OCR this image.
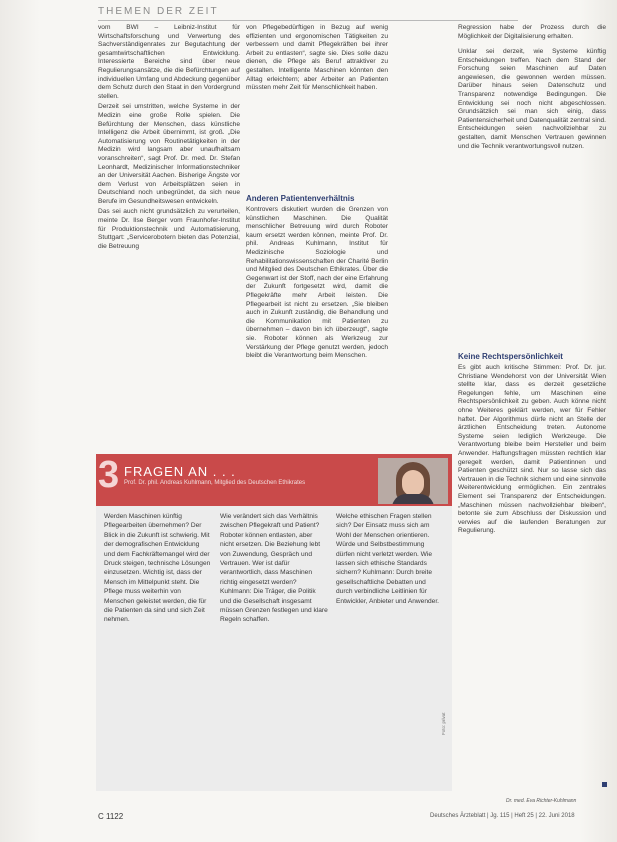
THEMEN DER ZEIT

vom BWI – Leibniz-Institut für Wirtschaftsforschung und Verwertung des Sachverständigenrates zur Begutachtung der gesamtwirtschaftlichen Entwicklung. Interessierte Bereiche sind über neue Regulierungsansätze, die die Befürchtungen auf individuellen Umfang und Abdeckung gegenüber dem Schutz durch den Staat in den Vordergrund stellen.

Derzeit sei umstritten, welche Systeme in der Medizin eine große Rolle spielen. Die Befürchtung der Menschen, dass künstliche Intelligenz die Arbeit übernimmt, ist groß. „Die Automatisierung von Routinetätigkeiten in der Medizin wird langsam aber unaufhaltsam voranschreiten“, sagt Prof. Dr. med. Dr. Stefan Leonhardt, Medizinischer Informationstechniker an der Universität Aachen. Bisherige Ängste vor dem Verlust von Arbeitsplätzen seien in Deutschland noch unbegründet, da sich neue Berufe im Gesundheitswesen entwickeln.

Das sei auch nicht grundsätzlich zu verurteilen, meinte Dr. Ilse Berger vom Fraunhofer-Institut für Produktionstechnik und Automatisierung, Stuttgart: „Servicerobotern bieten das Potenzial, die Betreuung

von Pflegebedürftigen in Bezug auf wenig effizienten und ergonomischen Tätigkeiten zu verbessern und damit Pflegekräften bei ihrer Arbeit zu entlasten“, sagte sie. Dies solle dazu dienen, die Pflege als Beruf attraktiver zu gestalten. Intelligente Maschinen könnten den Alltag erleichtern; aber Arbeiter an Patienten müssten mehr Zeit für Menschlichkeit haben.
Anderen Patientenverhältnis
Kontrovers diskutiert wurden die Grenzen von künstlichen Maschinen. Die Qualität menschlicher Betreuung wird durch Roboter kaum ersetzt werden können, meinte Prof. Dr. phil. Andreas Kuhlmann, Institut für Medizinische Soziologie und Rehabilitationswissenschaften der Charité Berlin und Mitglied des Deutschen Ethikrates. Über die Gegenwart ist der Stoff, nach der eine Erfahrung der Zukunft fortgesetzt wird, damit die Pflegekräfte mehr Arbeit leisten. Die Pflegearbeit ist nicht zu ersetzen. „Sie bleiben auch in Zukunft zuständig, die Behandlung und die Kommunikation mit Patienten zu übernehmen – davon bin ich überzeugt“, sagte sie. Roboter können als Werkzeug zur Verstärkung der Pflege genutzt werden, jedoch bleibt die Verantwortung beim Menschen.
Regression habe der Prozess durch die Möglichkeit der Digitalisierung erhalten.
Unklar sei derzeit, wie Systeme künftig Entscheidungen treffen. Nach dem Stand der Forschung seien Maschinen auf Daten angewiesen, die gewonnen werden müssen. Darüber hinaus seien Datenschutz und Transparenz notwendige Bedingungen. Die Entwicklung sei noch nicht abgeschlossen. Grundsätzlich sei man sich einig, dass Patientensicherheit und Datenqualität zentral sind. Entscheidungen seien nachvollziehbar zu gestalten, damit Menschen Vertrauen gewinnen und die Technik verantwortungsvoll nutzen.
Keine Rechtspersönlichkeit
Es gibt auch kritische Stimmen: Prof. Dr. jur. Christiane Wendehorst von der Universität Wien stellte klar, dass es derzeit gesetzliche Regelungen fehle, um Maschinen eine Rechtspersönlichkeit zu geben. Auch könne nicht ohne Weiteres geklärt werden, wer für Fehler haftet. Der Algorithmus dürfe nicht an Stelle der ärztlichen Entscheidung treten. Autonome Systeme seien lediglich Werkzeuge. Die Verantwortung bleibe beim Hersteller und beim Anwender. Haftungsfragen müssten rechtlich klar geregelt werden, damit Patientinnen und Patienten geschützt sind. Nur so lasse sich das Vertrauen in die Technik sichern und eine sinnvolle Weiterentwicklung ermöglichen. Ein zentrales Element sei Transparenz der Entscheidungen. „Maschinen müssen nachvollziehbar bleiben“, betonte sie zum Abschluss der Diskussion und verwies auf die laufenden Beratungen zur Regulierung.
Dr. med. Eva Richter-Kuhlmann
3 FRAGEN AN . . .
Prof. Dr. phil. Andreas Kuhlmann, Mitglied des Deutschen Ethikrates
Werden Maschinen künftig Pflegearbeiten übernehmen? Der Blick in die Zukunft ist schwierig. Mit der demografischen Entwicklung und dem Fachkräftemangel wird der Druck steigen, technische Lösungen einzusetzen. Wichtig ist, dass der Mensch im Mittelpunkt steht. Die Pflege muss weiterhin von Menschen geleistet werden, die für die Patienten da sind und sich Zeit nehmen.
Wie verändert sich das Verhältnis zwischen Pflegekraft und Patient? Roboter können entlasten, aber nicht ersetzen. Die Beziehung lebt von Zuwendung, Gespräch und Vertrauen. Wer ist dafür verantwortlich, dass Maschinen richtig eingesetzt werden? Kuhlmann: Die Träger, die Politik und die Gesellschaft insgesamt müssen Grenzen festlegen und klare Regeln schaffen.
Welche ethischen Fragen stellen sich? Der Einsatz muss sich am Wohl der Menschen orientieren. Würde und Selbstbestimmung dürfen nicht verletzt werden. Wie lassen sich ethische Standards sichern? Kuhlmann: Durch breite gesellschaftliche Debatten und durch verbindliche Leitlinien für Entwickler, Anbieter und Anwender.
Foto: privat
C 1122	Deutsches Ärzteblatt | Jg. 115 | Heft 25 | 22. Juni 2018
